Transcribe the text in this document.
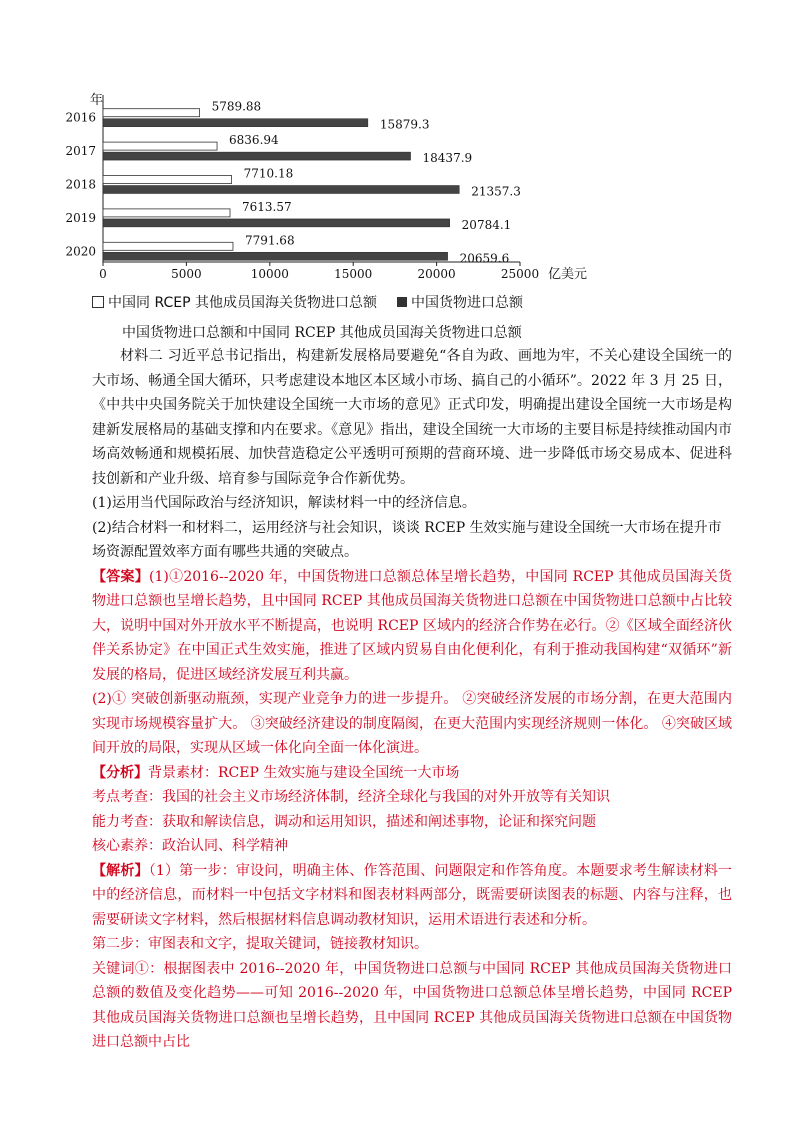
年
0	5000	10000	15000	20000	25000 亿美元
2016
5789.88
15879.3
2017
6836.94
18437.9
2018
7710.18
21357.3
2019
7613.57
20784.1
2020
7791.68
20659.6
中国同 RCEP 其他成员国海关货物进口总额 中国货物进口总额
中国货物进口总额和中国同 RCEP 其他成员国海关货物进口总额

材料二 习近平总书记指出，构建新发展格局要避免“各自为政、画地为牢，不关心建设全国统一的大市场、畅通全国大循环，只考虑建设本地区本区域小市场、搞自己的小循环”。2022 年 3 月 25 日，《中共中央国务院关于加快建设全国统一大市场的意见》正式印发，明确提出建设全国统一大市场是构建新发展格局的基础支撑和内在要求。《意见》指出，建设全国统一大市场的主要目标是持续推动国内市场高效畅通和规模拓展、加快营造稳定公平透明可预期的营商环境、进一步降低市场交易成本、促进科技创新和产业升级、培育参与国际竞争合作新优势。

(1)运用当代国际政治与经济知识，解读材料一中的经济信息。

(2)结合材料一和材料二，运用经济与社会知识，谈谈 RCEP 生效实施与建设全国统一大市场在提升市场资源配置效率方面有哪些共通的突破点。

【答案】(1)①2016--2020 年，中国货物进口总额总体呈增长趋势，中国同 RCEP 其他成员国海关货物进口总额也呈增长趋势，且中国同 RCEP 其他成员国海关货物进口总额在中国货物进口总额中占比较大，说明中国对外开放水平不断提高，也说明 RCEP 区域内的经济合作势在必行。②《区域全面经济伙伴关系协定》在中国正式生效实施，推进了区域内贸易自由化便利化，有利于推动我国构建“双循环”新发展的格局，促进区域经济发展互利共赢。

(2)① 突破创新驱动瓶颈，实现产业竞争力的进一步提升。 ②突破经济发展的市场分割，在更大范围内实现市场规模容量扩大。 ③突破经济建设的制度隔阂，在更大范围内实现经济规则一体化。 ④突破区域间开放的局限，实现从区域一体化向全面一体化演进。

【分析】背景素材：RCEP 生效实施与建设全国统一大市场

考点考查：我国的社会主义市场经济体制，经济全球化与我国的对外开放等有关知识

能力考查：获取和解读信息，调动和运用知识，描述和阐述事物，论证和探究问题

核心素养：政治认同、科学精神

【解析】（1）第一步：审设问，明确主体、作答范围、问题限定和作答角度。本题要求考生解读材料一中的经济信息，而材料一中包括文字材料和图表材料两部分，既需要研读图表的标题、内容与注释，也需要研读文字材料，然后根据材料信息调动教材知识，运用术语进行表述和分析。

第二步：审图表和文字，提取关键词，链接教材知识。

关键词①：根据图表中 2016--2020 年，中国货物进口总额与中国同 RCEP 其他成员国海关货物进口总额的数值及变化趋势——可知 2016--2020 年，中国货物进口总额总体呈增长趋势，中国同 RCEP 其他成员国海关货物进口总额也呈增长趋势，且中国同 RCEP 其他成员国海关货物进口总额在中国货物进口总额中占比
